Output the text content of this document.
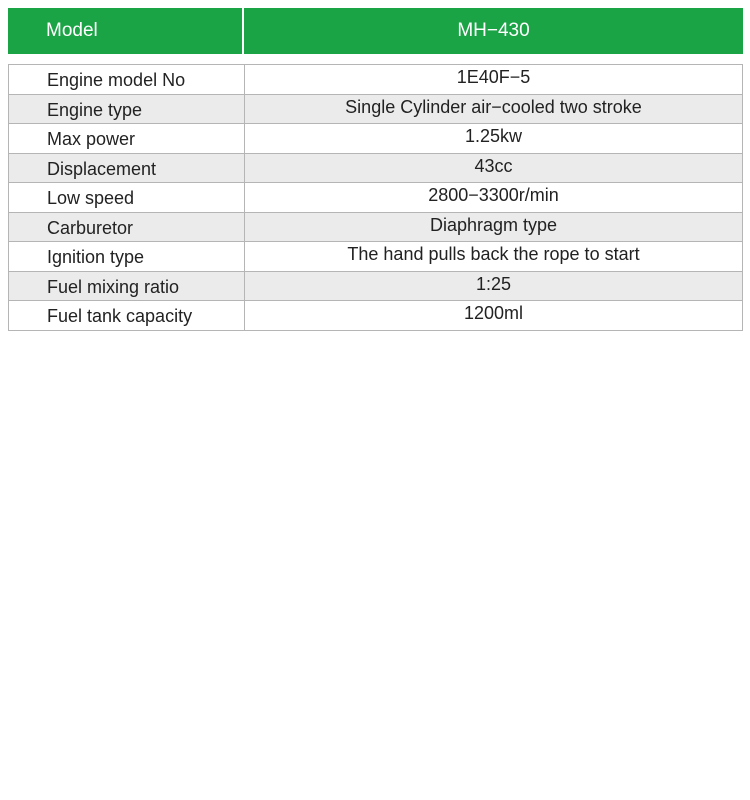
Model	MH−430
Engine model No	1E40F−5
Engine type	Single Cylinder air−cooled two stroke
Max power	1.25kw
Displacement	43cc
Low speed	2800−3300r/min
Carburetor	Diaphragm type
Ignition type	The hand pulls back the rope to start
Fuel mixing ratio	1:25
Fuel tank capacity	1200ml
